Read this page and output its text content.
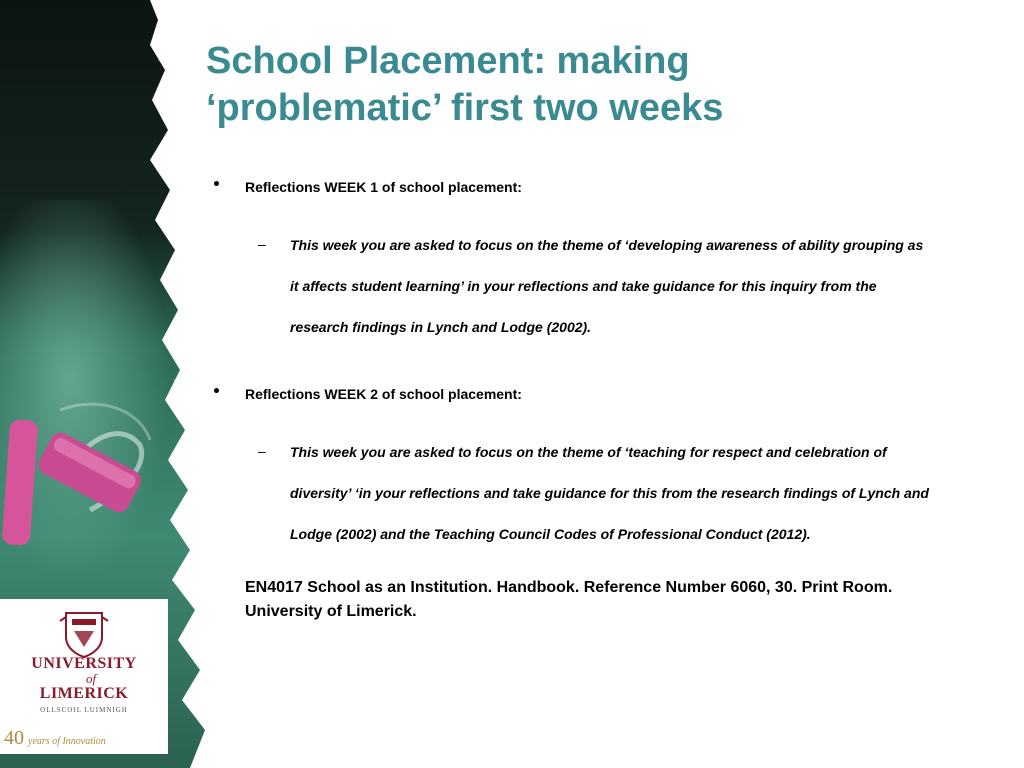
UNIVERSITY
of
LIMERICK
OLLSCOIL LUIMNIGH
40 years of Innovation
School Placement: making
‘problematic’ first two weeks
• Reflections WEEK 1 of school placement:
– This week you are asked to focus on the theme of ‘developing awareness of ability grouping as
it affects student learning’ in your reflections and take guidance for this inquiry from the
research findings in Lynch and Lodge (2002).
• Reflections WEEK 2 of school placement:
– This week you are asked to focus on the theme of ‘teaching for respect and celebration of
diversity’ ‘in your reflections and take guidance for this from the research findings of Lynch and
Lodge (2002) and the Teaching Council Codes of Professional Conduct (2012).
EN4017 School as an Institution. Handbook. Reference Number 6060, 30. Print Room.
University of Limerick.
